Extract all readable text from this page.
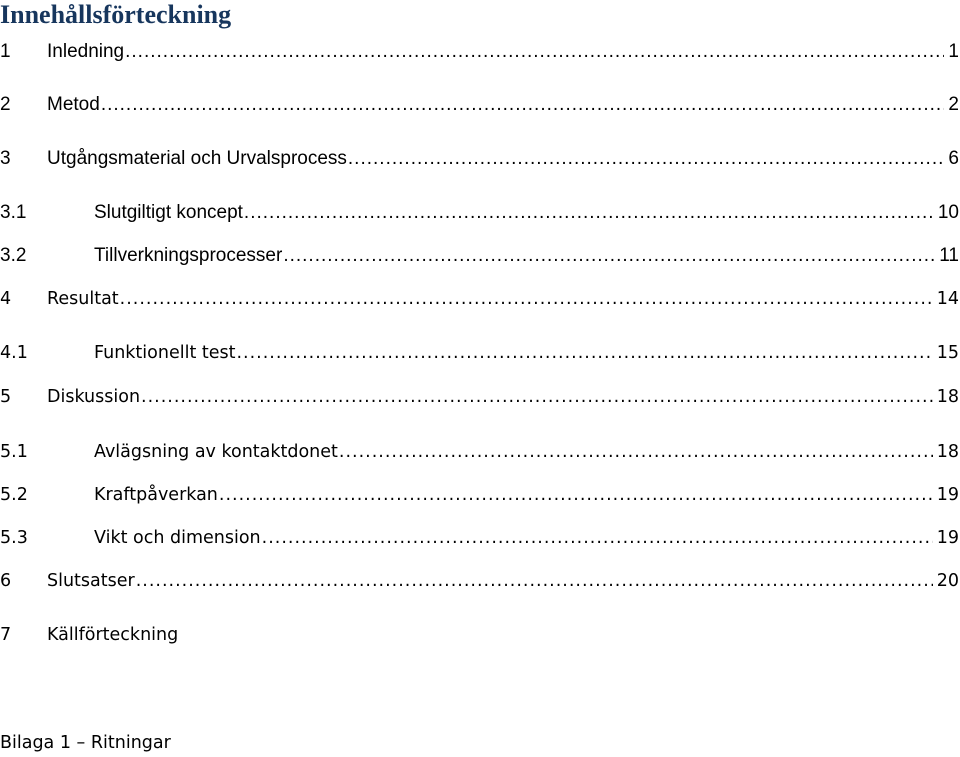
Innehållsförteckning
1	Inledning .....	1
2	Metod .....	2
3	Utgångsmaterial och Urvalsprocess .....	6
3.1	Slutgiltigt koncept .....	10
3.2	Tillverkningsprocesser .....	11
4	Resultat .....	14
4.1	Funktionellt test .....	15
5	Diskussion .....	18
5.1	Avlägsning av kontaktdonet .....	18
5.2	Kraftpåverkan .....	19
5.3	Vikt och dimension .....	19
6	Slutsatser .....	20
7	Källförteckning
Bilaga 1 – Ritningar
